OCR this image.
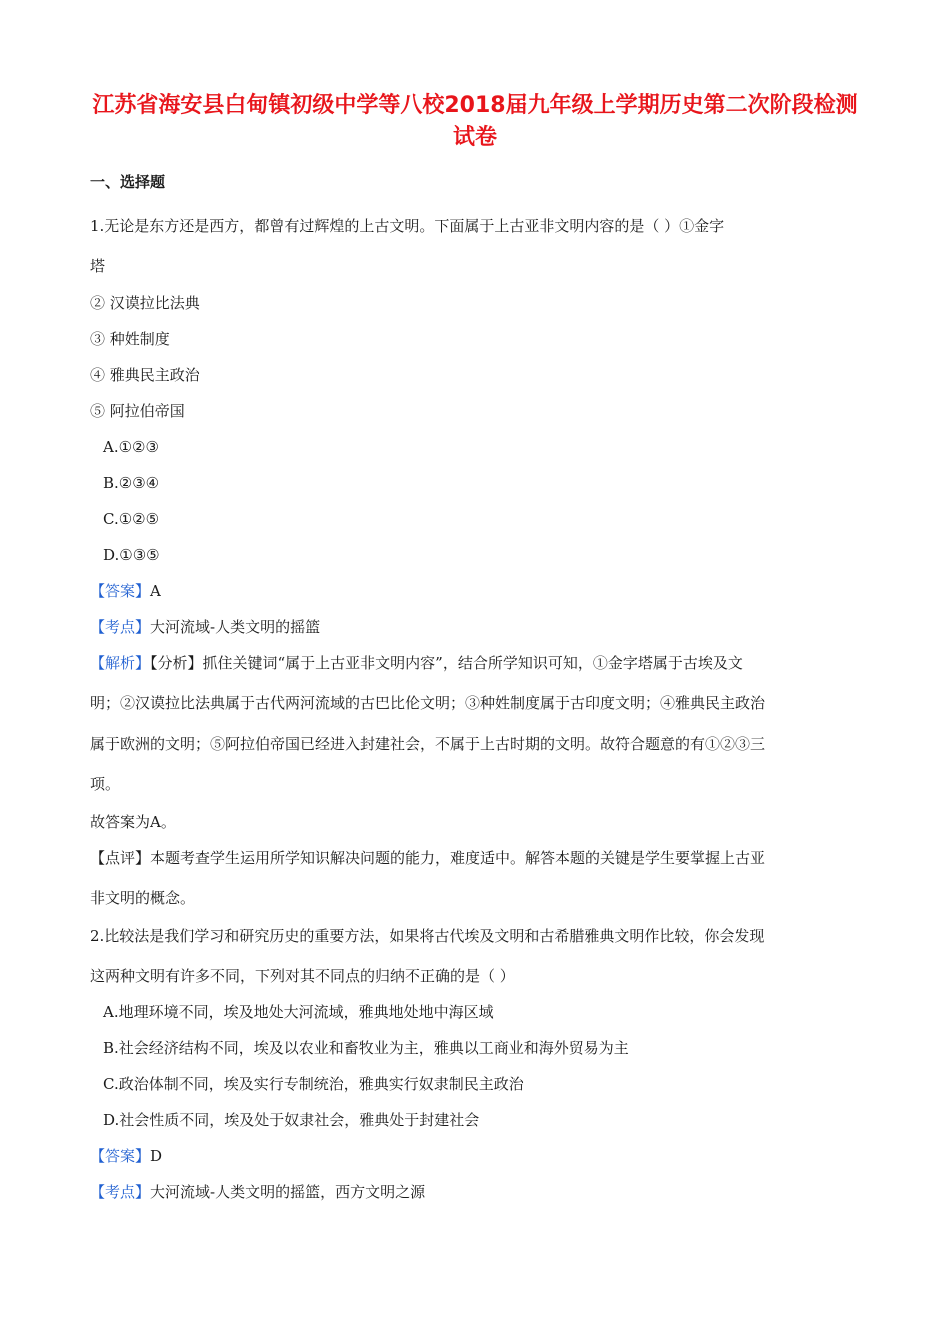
江苏省海安县白甸镇初级中学等八校2018届九年级上学期历史第二次阶段检测
试卷
一、选择题
1.无论是东方还是西方，都曾有过辉煌的上古文明。下面属于上古亚非文明内容的是（ ）①金字
塔
② 汉谟拉比法典
③ 种姓制度
④ 雅典民主政治
⑤ 阿拉伯帝国
A.①②③
B.②③④
C.①②⑤
D.①③⑤
【答案】A
【考点】大河流域-人类文明的摇篮
【解析】【分析】抓住关键词“属于上古亚非文明内容”，结合所学知识可知，①金字塔属于古埃及文
明；②汉谟拉比法典属于古代两河流域的古巴比伦文明；③种姓制度属于古印度文明；④雅典民主政治
属于欧洲的文明；⑤阿拉伯帝国已经进入封建社会，不属于上古时期的文明。故符合题意的有①②③三
项。
故答案为A。
【点评】本题考查学生运用所学知识解决问题的能力，难度适中。解答本题的关键是学生要掌握上古亚
非文明的概念。
2.比较法是我们学习和研究历史的重要方法，如果将古代埃及文明和古希腊雅典文明作比较，你会发现
这两种文明有许多不同，下列对其不同点的归纳不正确的是（ ）
A.地理环境不同，埃及地处大河流域，雅典地处地中海区域
B.社会经济结构不同，埃及以农业和畜牧业为主，雅典以工商业和海外贸易为主
C.政治体制不同，埃及实行专制统治，雅典实行奴隶制民主政治
D.社会性质不同，埃及处于奴隶社会，雅典处于封建社会
【答案】D
【考点】大河流域-人类文明的摇篮，西方文明之源
